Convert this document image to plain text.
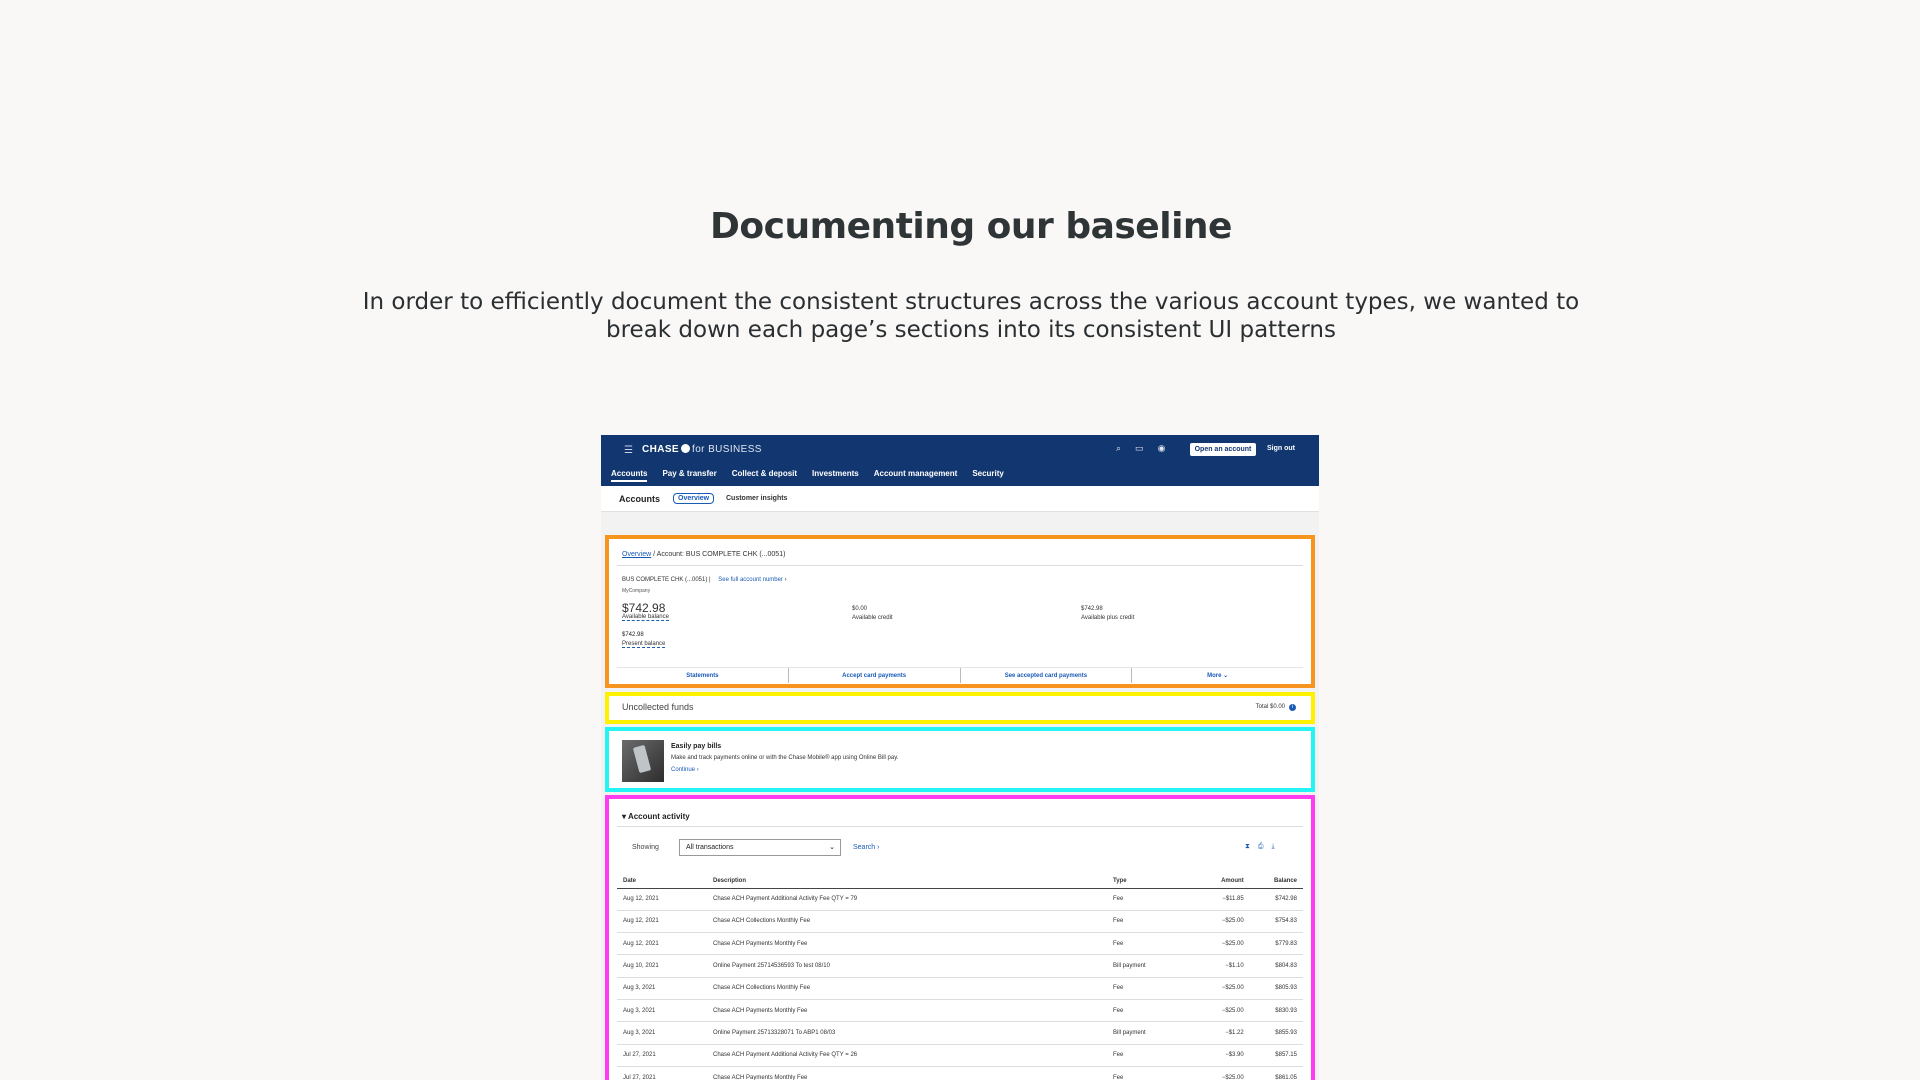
Documenting our baseline
In order to efficiently document the consistent structures across the various account types, we wanted to break down each page’s sections into its consistent UI patterns
☰ CHASE for BUSINESS	⌕ ▭ ◉	Open an account	Sign out
Accounts Pay & transfer Collect & deposit Investments Account management Security
Accounts	Overview	Customer insights
Overview / Account: BUS COMPLETE CHK (...0051)
BUS COMPLETE CHK (...0051) | See full account number ›
MyCompany
$742.98
Available balance
$742.98
Present balance
$0.00
Available credit
$742.98
Available plus credit
Statements	Accept card payments	See accepted card payments	More ⌄
Uncollected funds	Total $0.00 i
Easily pay bills
Make and track payments online or with the Chase Mobile® app using Online Bill pay.
Continue ›
▾ Account activity
Showing	All transactions	⌄	Search ›	⧗ ⎙ ⤓
Date	Description	Type	Amount	Balance
Aug 12, 2021	Chase ACH Payment Additional Activity Fee QTY = 79	Fee	−$11.85	$742.98
Aug 12, 2021	Chase ACH Collections Monthly Fee	Fee	−$25.00	$754.83
Aug 12, 2021	Chase ACH Payments Monthly Fee	Fee	−$25.00	$779.83
Aug 10, 2021	Online Payment 25714536593 To test 08/10	Bill payment	−$1.10	$804.83
Aug 3, 2021	Chase ACH Collections Monthly Fee	Fee	−$25.00	$805.93
Aug 3, 2021	Chase ACH Payments Monthly Fee	Fee	−$25.00	$830.93
Aug 3, 2021	Online Payment 25713328071 To ABP1 08/03	Bill payment	−$1.22	$855.93
Jul 27, 2021	Chase ACH Payment Additional Activity Fee QTY = 26	Fee	−$3.90	$857.15
Jul 27, 2021	Chase ACH Payments Monthly Fee	Fee	−$25.00	$861.05
